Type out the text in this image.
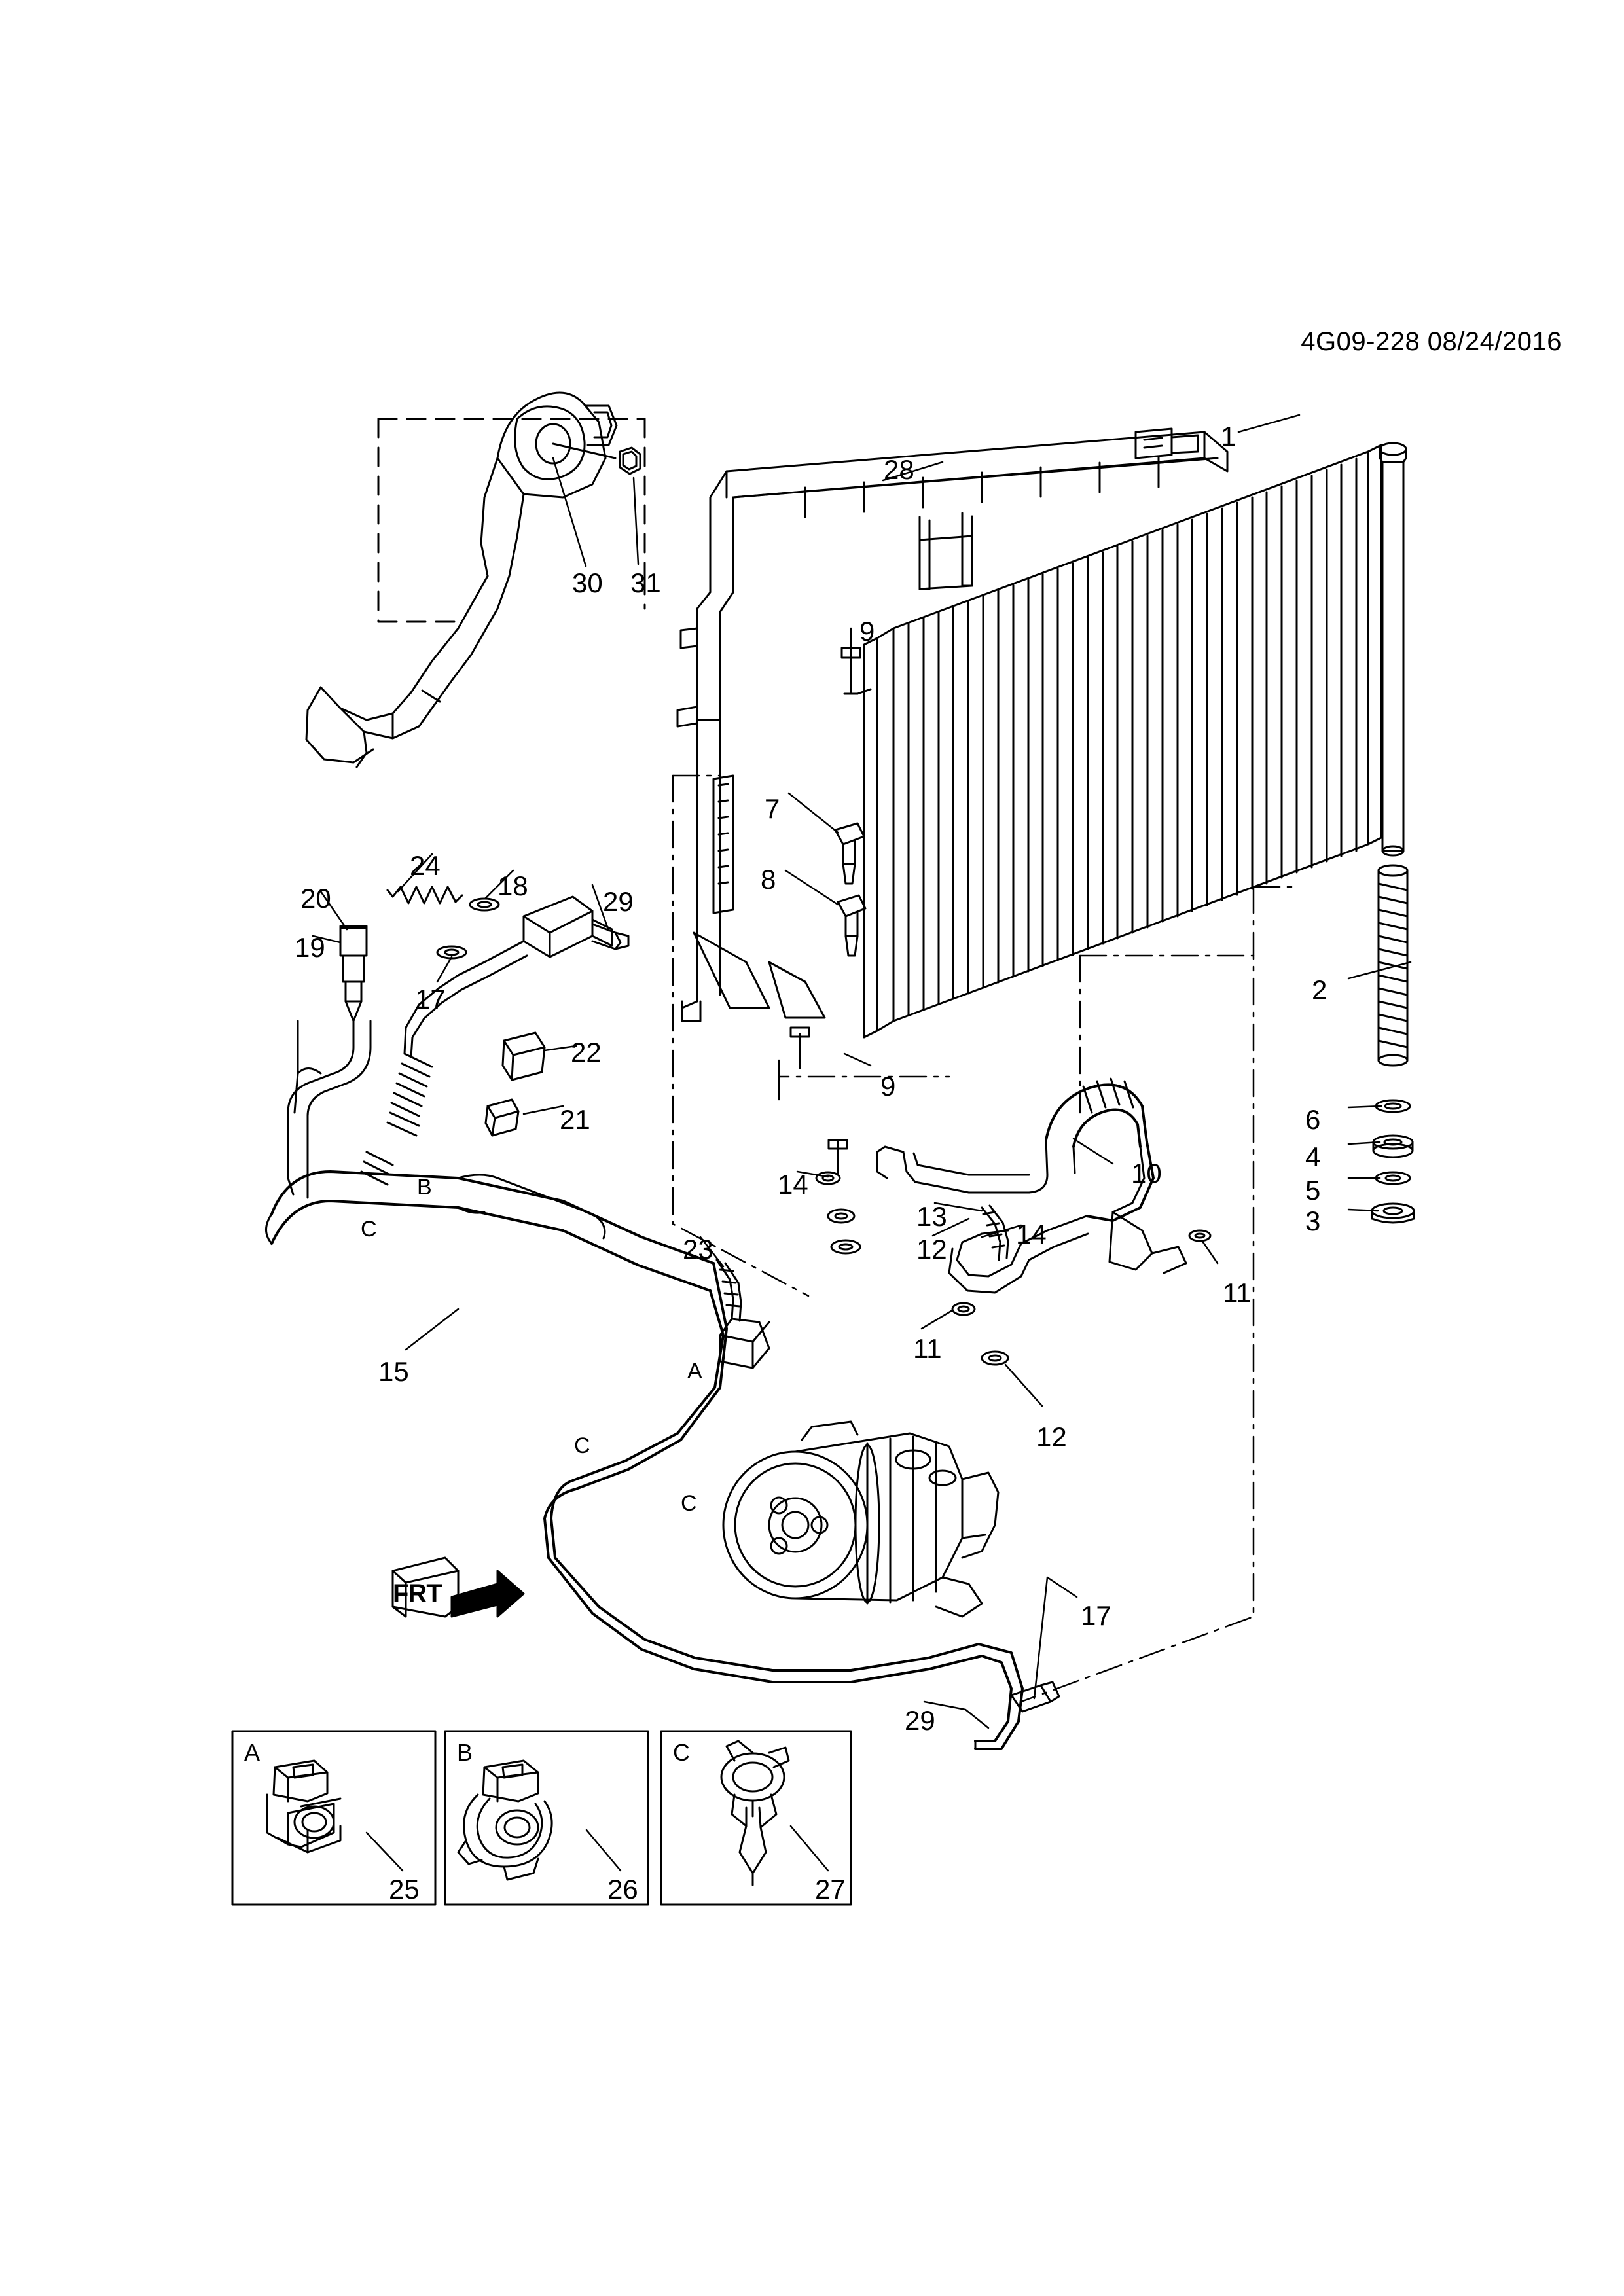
4G09-228 08/24/2016
FRT
1
2
3
4
5
6
7
8
9
9
10
11
11
12
12
13
14
14
15
17
17
18
19
20
21
22
23
24
25	26	27
28
29
29
30 31
A
B
C
C
C
A	B	C
